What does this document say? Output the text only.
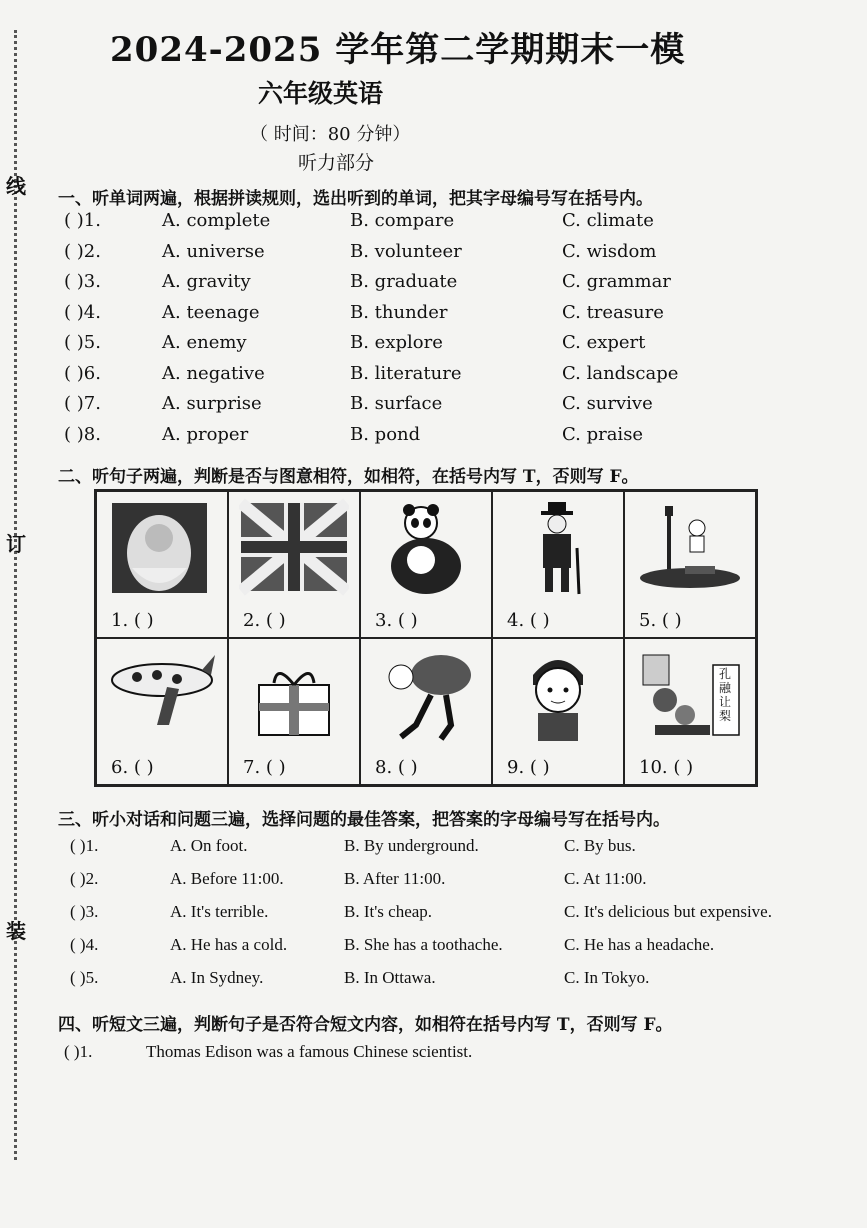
线
订
装
2024-2025 学年第二学期期末一模
六年级英语
（ 时间：80 分钟）
听力部分
一、听单词两遍，根据拼读规则，选出听到的单词，把其字母编号写在括号内。
( )1.	A. complete	B. compare	C. climate
( )2.	A. universe	B. volunteer	C. wisdom
( )3.	A. gravity	B. graduate	C. grammar
( )4.	A. teenage	B. thunder	C. treasure
( )5.	A. enemy	B. explore	C. expert
( )6.	A. negative	B. literature	C. landscape
( )7.	A. surprise	B. surface	C. survive
( )8.	A. proper	B. pond	C. praise
二、听句子两遍，判断是否与图意相符，如相符，在括号内写 T，否则写 F。
1. ( )	2. ( )	3. ( )	4. ( )	5. ( )
6. ( )	7. ( )	8. ( )	9. ( )
孔融让梨
10. ( )
三、听小对话和问题三遍，选择问题的最佳答案，把答案的字母编号写在括号内。
( )1.	A. On foot.	B. By underground.	C. By bus.
( )2.	A. Before 11:00.	B. After 11:00.	C. At 11:00.
( )3.	A. It's terrible.	B. It's cheap.	C. It's delicious but expensive.
( )4.	A. He has a cold.	B. She has a toothache.	C. He has a headache.
( )5.	A. In Sydney.	B. In Ottawa.	C. In Tokyo.
四、听短文三遍，判断句子是否符合短文内容，如相符在括号内写 T，否则写 F。
( )1.	Thomas Edison was a famous Chinese scientist.
